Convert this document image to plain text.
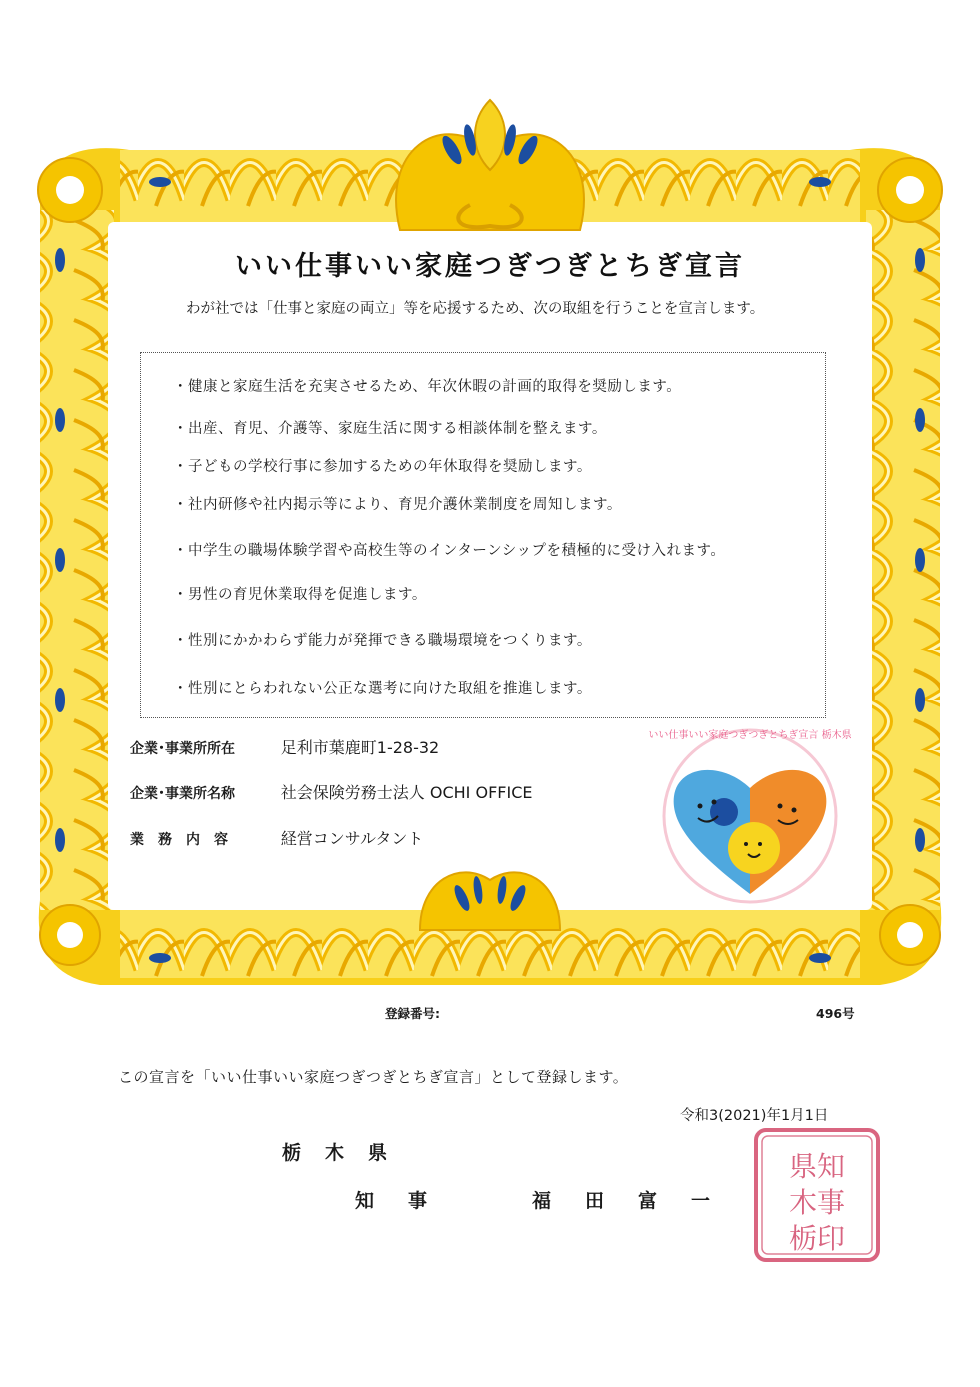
いい仕事いい家庭つぎつぎとちぎ宣言
わが社では「仕事と家庭の両立」等を応援するため、次の取組を行うことを宣言します。
・健康と家庭生活を充実させるため、年次休暇の計画的取得を奨励します。
・出産、育児、介護等、家庭生活に関する相談体制を整えます。
・子どもの学校行事に参加するための年休取得を奨励します。
・社内研修や社内掲示等により、育児介護休業制度を周知します。
・中学生の職場体験学習や高校生等のインターンシップを積極的に受け入れます。
・男性の育児休業取得を促進します。
・性別にかかわらず能力が発揮できる職場環境をつくります。
・性別にとらわれない公正な選考に向けた取組を推進します。
企業･事業所所在	足利市葉鹿町1-28-32
企業･事業所名称	社会保険労務士法人 OCHI OFFICE
業　務　内　容	経営コンサルタント
いい仕事いい家庭つぎつぎとちぎ宣言 栃木県
登録番号:	496号
この宣言を「いい仕事いい家庭つぎつぎとちぎ宣言」として登録します。
令和3(2021)年1月1日
栃木県
知事	福田富一
県知
木事
栃印
